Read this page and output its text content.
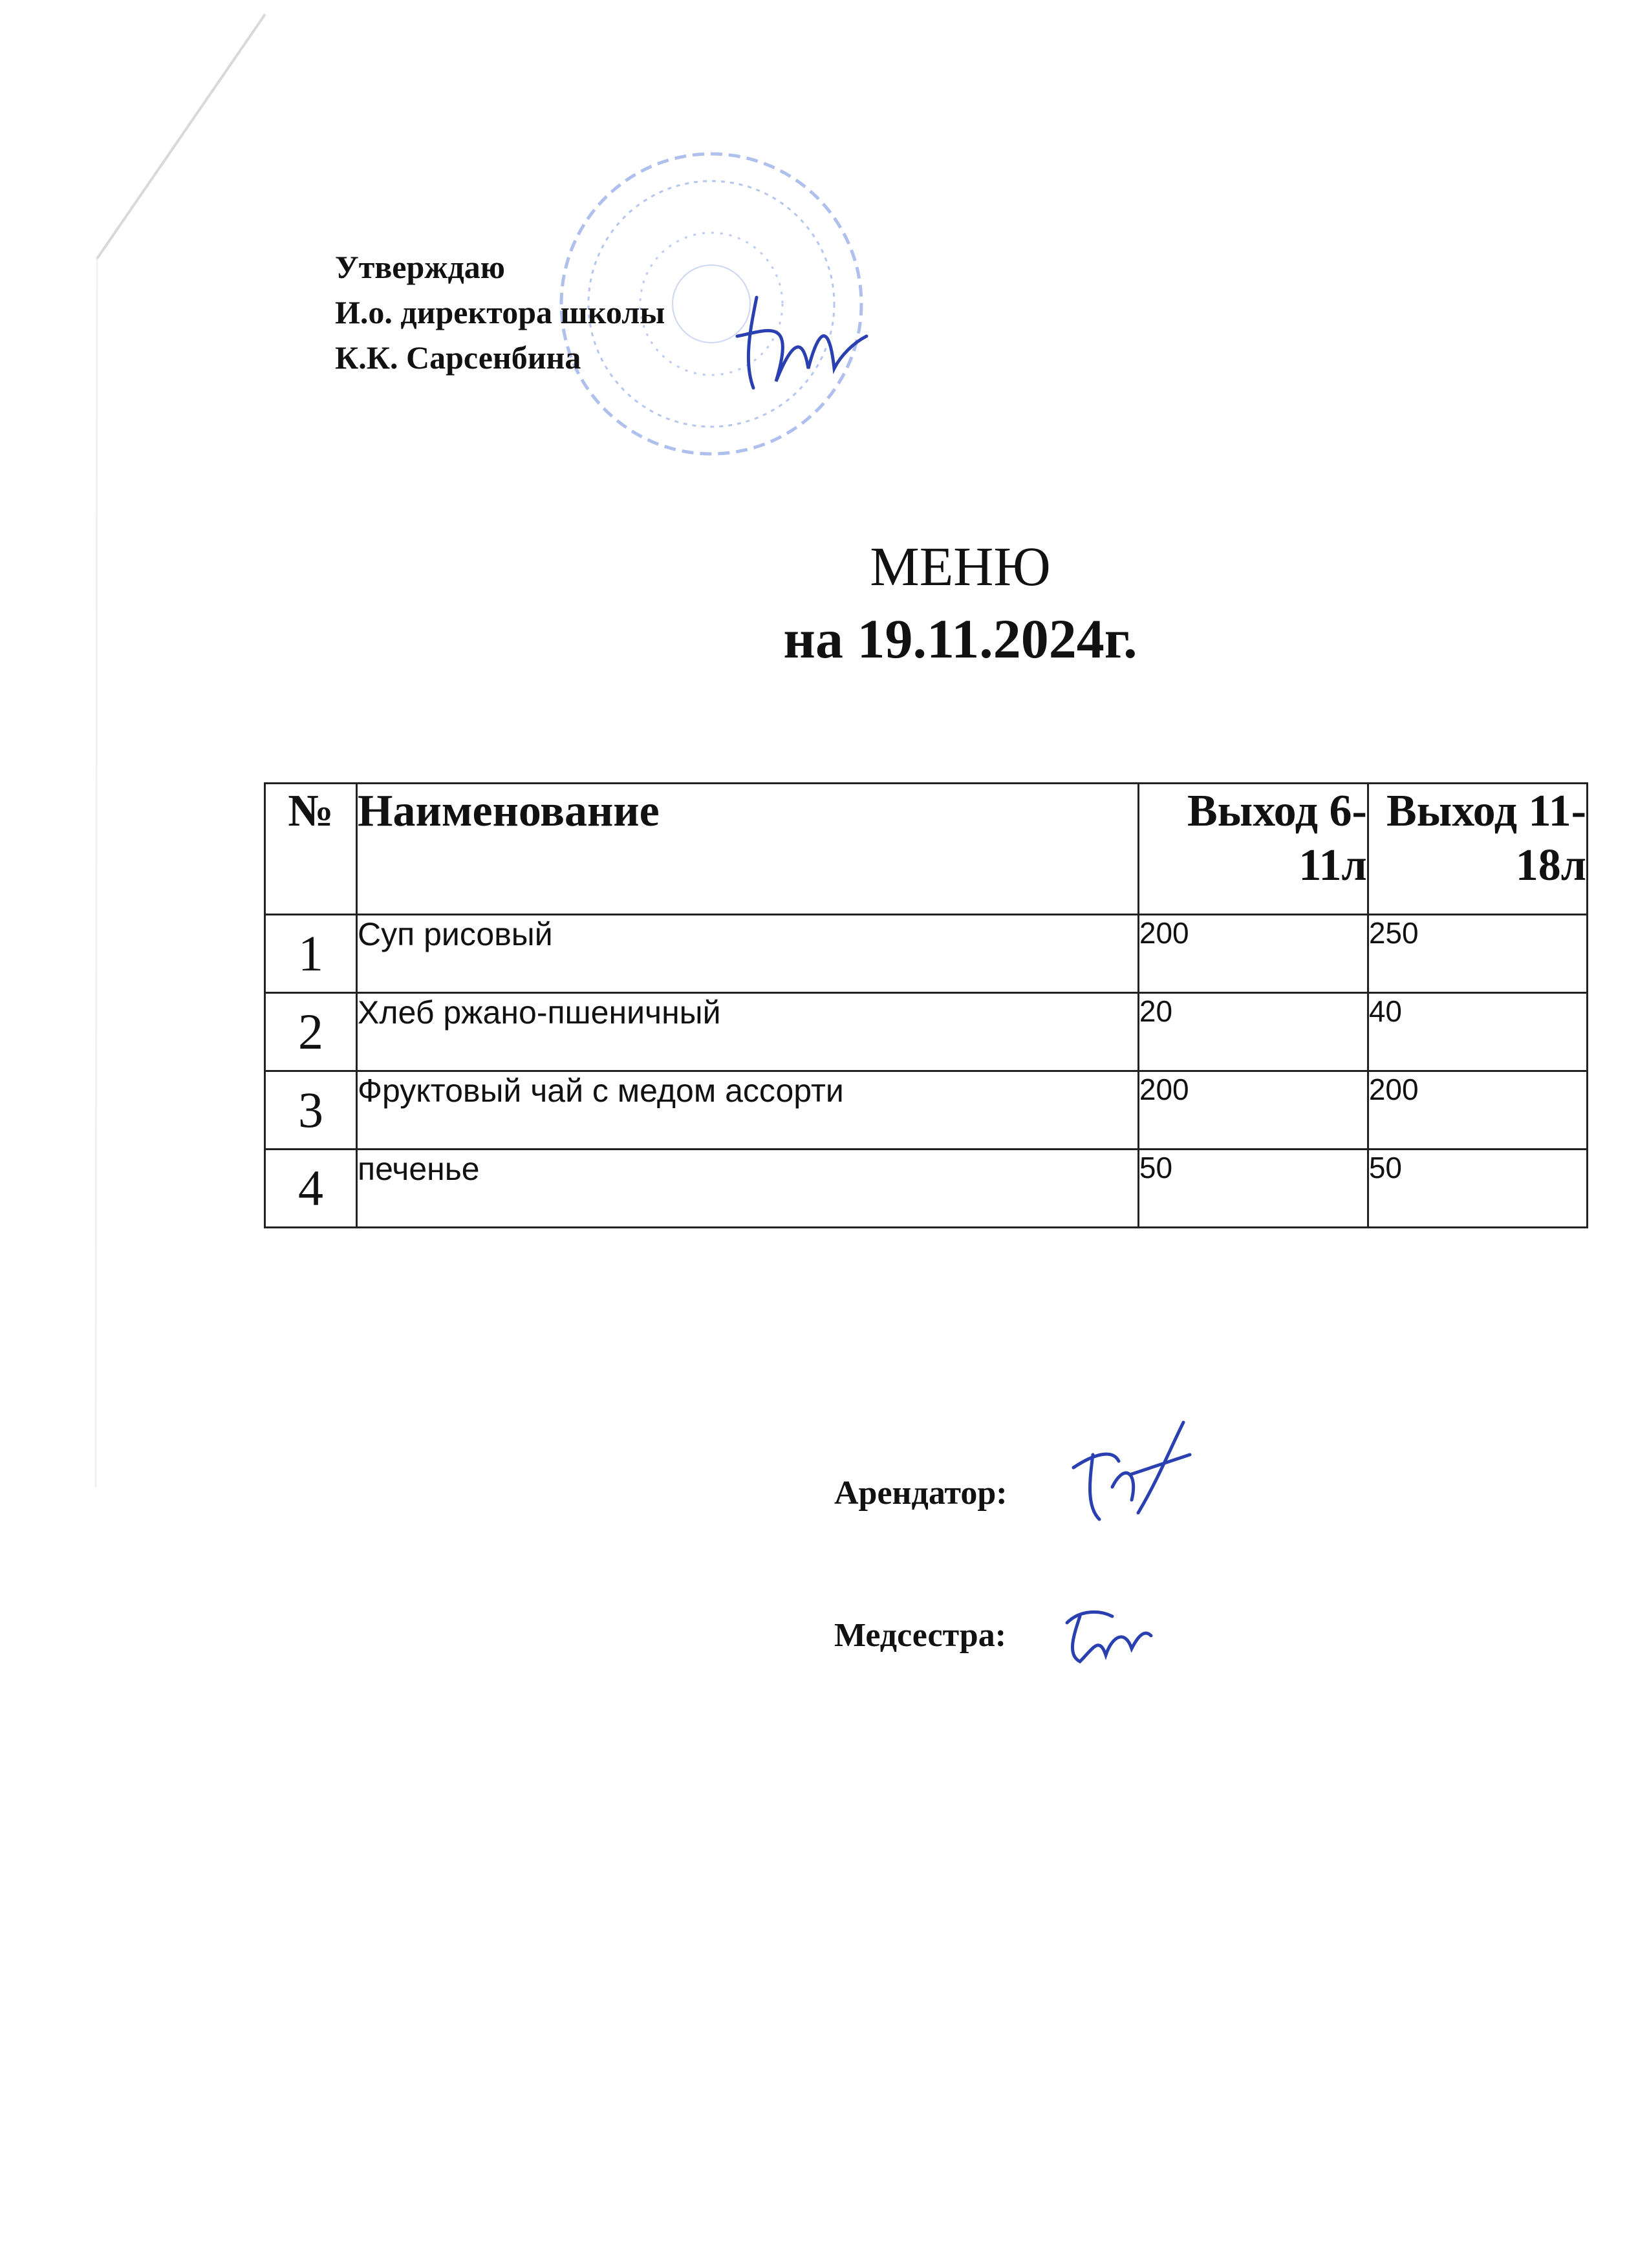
Утверждаю
И.о. директора школы
К.К. Сарсенбина
МЕНЮ
на 19.11.2024г.
№	Наименование	Выход 6-11л	Выход 11-18л
1	Суп рисовый	200	250
2	Хлеб ржано-пшеничный	20	40
3	Фруктовый чай с медом ассорти	200	200
4	печенье	50	50
Арендатор:
Медсестра:
